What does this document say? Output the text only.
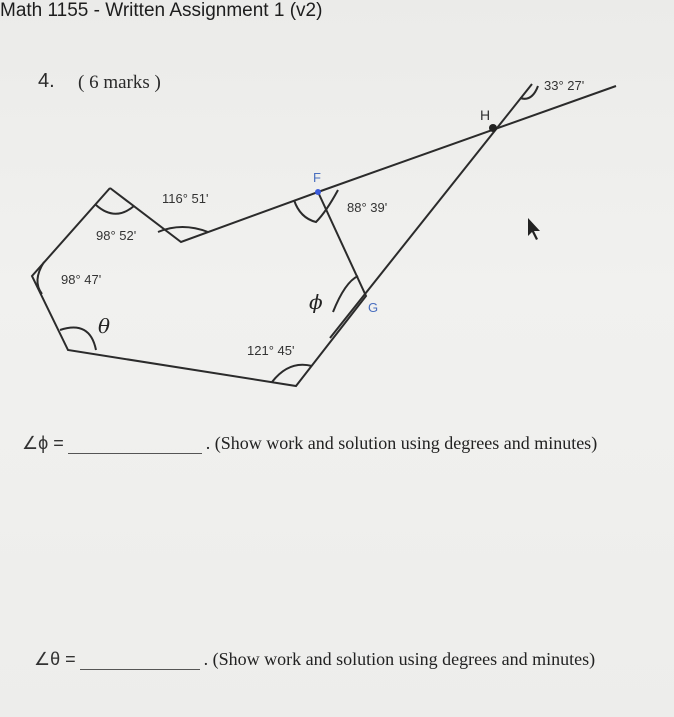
Math 1155 - Written Assignment 1 (v2)
4. ( 6 marks )
98° 52'
116° 51'
98° 47'
121° 45'
88° 39'
33° 27'
F
G
H
θ
ϕ
∠ϕ =	. (Show work and solution using degrees and minutes)
∠θ =	. (Show work and solution using degrees and minutes)
